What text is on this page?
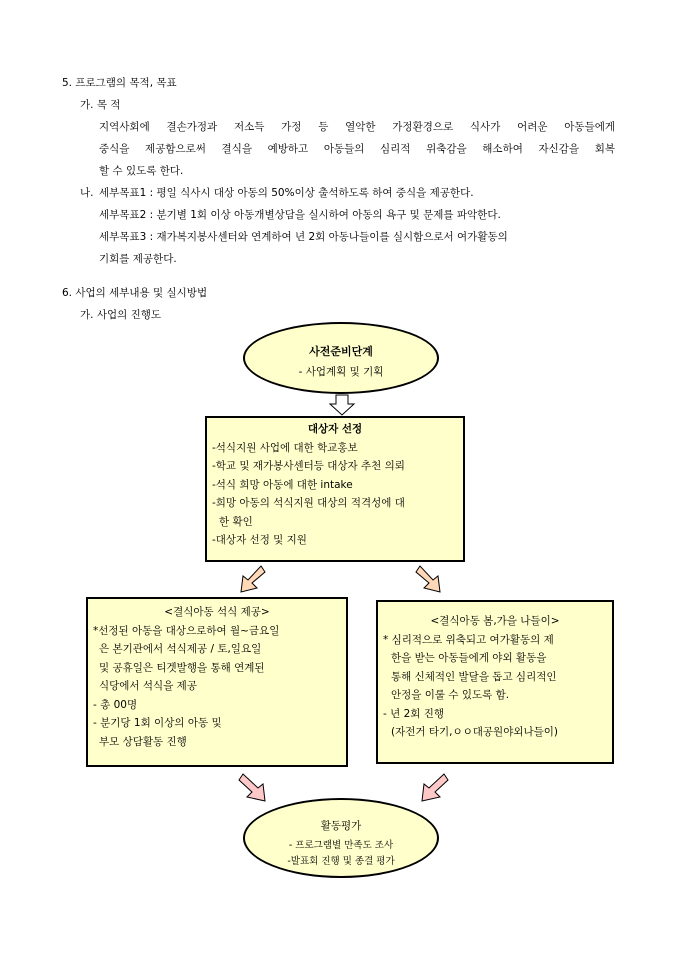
5. 프로그램의 목적, 목표
가. 목 적
지역사회에 결손가정과 저소득 가정 등 열악한 가정환경으로 식사가 어려운 아동들에게
중식을 제공함으로써 결식을 예방하고 아동들의 심리적 위축감을 해소하여 자신감을 회복
할 수 있도록 한다.
나. 세부목표1 : 평일 식사시 대상 아동의 50%이상 출석하도록 하여 중식을 제공한다.
세부목표2 : 분기별 1회 이상 아동개별상담을 실시하여 아동의 욕구 및 문제를 파악한다.
세부목표3 : 재가복지봉사센터와 연계하여 년 2회 아동나들이를 실시함으로서 여가활동의
기회를 제공한다.
6. 사업의 세부내용 및 실시방법
가. 사업의 진행도
사전준비단계
- 사업계획 및 기획
대상자 선정
-석식지원 사업에 대한 학교홍보
-학교 및 재가봉사센터등 대상자 추천 의뢰
-석식 희망 아동에 대한 intake
-희망 아동의 석식지원 대상의 적격성에 대
한 확인
-대상자 선정 및 지원
<결식아동 석식 제공>
*선정된 아동을 대상으로하여 월~금요일
은 본기관에서 석식제공 / 토,일요일
및 공휴일은 티겟발행을 통해 연계된
식당에서 석식을 제공
- 총 00명
- 분기당 1회 이상의 아동 및
부모 상담활동 진행
<결식아동 봄,가을 나들이>
* 심리적으로 위축되고 여가활동의 제
한을 받는 아동들에게 야외 활동을
통해 신체적인 발달을 돕고 심리적인
안정을 이룰 수 있도록 함.
- 년 2회 진행
(자전거 타기,ㅇㅇ대공원야외나들이)
활동평가
- 프로그램별 만족도 조사
-발표회 진행 및 종결 평가
